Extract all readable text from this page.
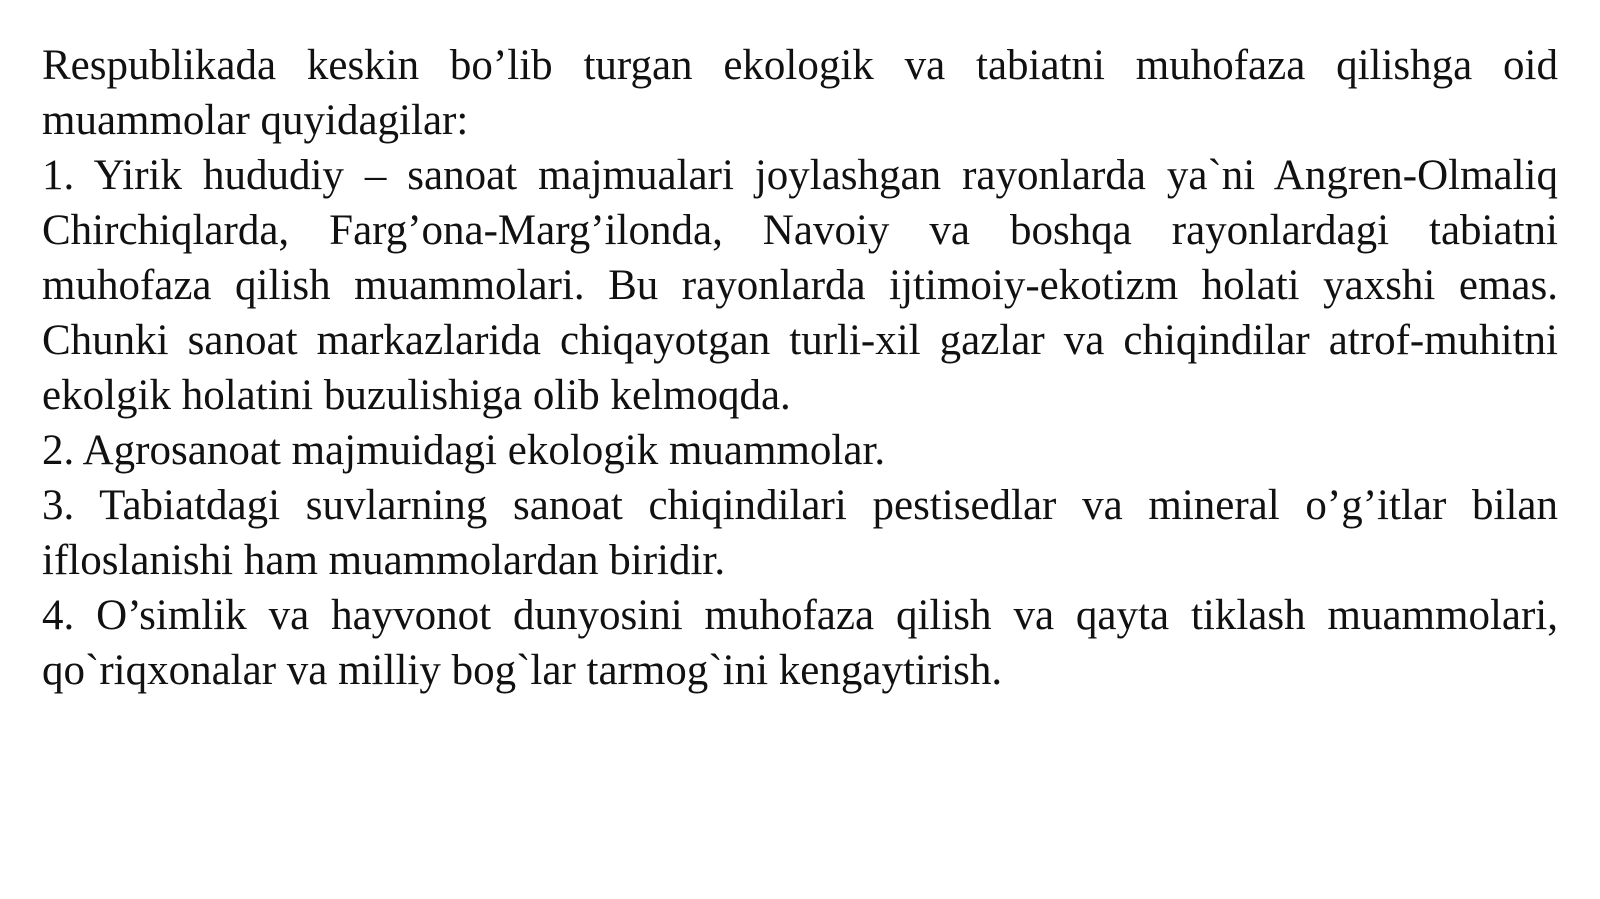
Respublikada keskin bo’lib turgan ekologik va tabiatni muhofaza qilishga oid muammolar quyidagilar:

1. Yirik hududiy – sanoat majmualari joylashgan rayonlarda ya`ni Angren-Olmaliq Chirchiqlarda, Farg’ona-Marg’ilonda, Navoiy va boshqa rayonlardagi tabiatni muhofaza qilish muammolari. Bu rayonlarda ijtimoiy-ekotizm holati yaxshi emas. Chunki sanoat markazlarida chiqayotgan turli-xil gazlar va chiqindilar atrof-muhitni ekolgik holatini buzulishiga olib kelmoqda.

2. Agrosanoat majmuidagi ekologik muammolar.

3. Tabiatdagi suvlarning sanoat chiqindilari pestisedlar va mineral o’g’itlar bilan ifloslanishi ham muammolardan biridir.

4. O’simlik va hayvonot dunyosini muhofaza qilish va qayta tiklash muammolari, qo`riqxonalar va milliy bog`lar tarmog`ini kengaytirish.
